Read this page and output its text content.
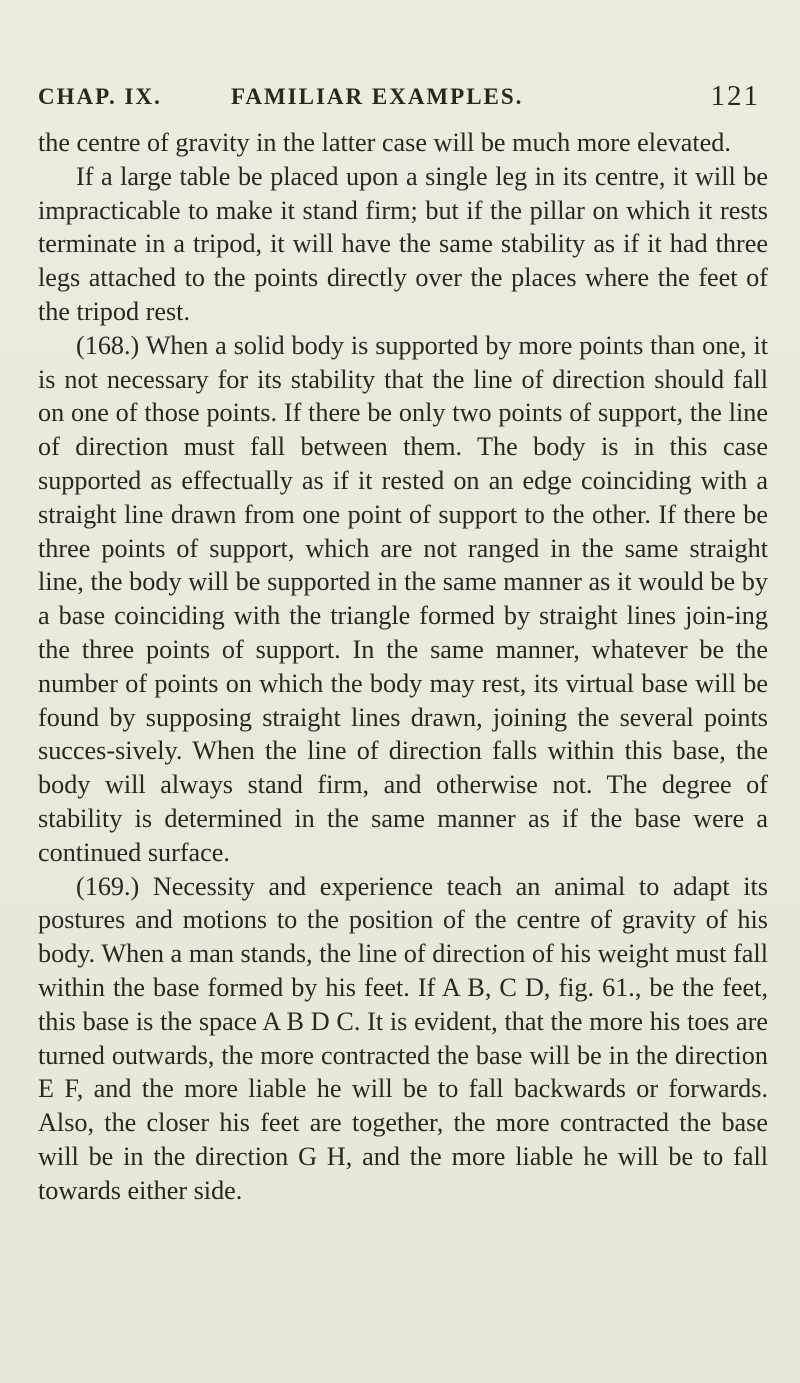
CHAP. IX.	FAMILIAR EXAMPLES.	121

the centre of gravity in the latter case will be much more elevated.

If a large table be placed upon a single leg in its centre, it will be impracticable to make it stand firm; but if the pillar on which it rests terminate in a tripod, it will have the same stability as if it had three legs attached to the points directly over the places where the feet of the tripod rest.

(168.) When a solid body is supported by more points than one, it is not necessary for its stability that the line of direction should fall on one of those points. If there be only two points of support, the line of direction must fall between them. The body is in this case supported as effectually as if it rested on an edge coinciding with a straight line drawn from one point of support to the other. If there be three points of support, which are not ranged in the same straight line, the body will be supported in the same manner as it would be by a base coinciding with the triangle formed by straight lines join-ing the three points of support. In the same manner, whatever be the number of points on which the body may rest, its virtual base will be found by supposing straight lines drawn, joining the several points succes-sively. When the line of direction falls within this base, the body will always stand firm, and otherwise not. The degree of stability is determined in the same manner as if the base were a continued surface.

(169.) Necessity and experience teach an animal to adapt its postures and motions to the position of the centre of gravity of his body. When a man stands, the line of direction of his weight must fall within the base formed by his feet. If A B, C D, fig. 61., be the feet, this base is the space A B D C. It is evident, that the more his toes are turned outwards, the more contracted the base will be in the direction E F, and the more liable he will be to fall backwards or forwards. Also, the closer his feet are together, the more contracted the base will be in the direction G H, and the more liable he will be to fall towards either side.
